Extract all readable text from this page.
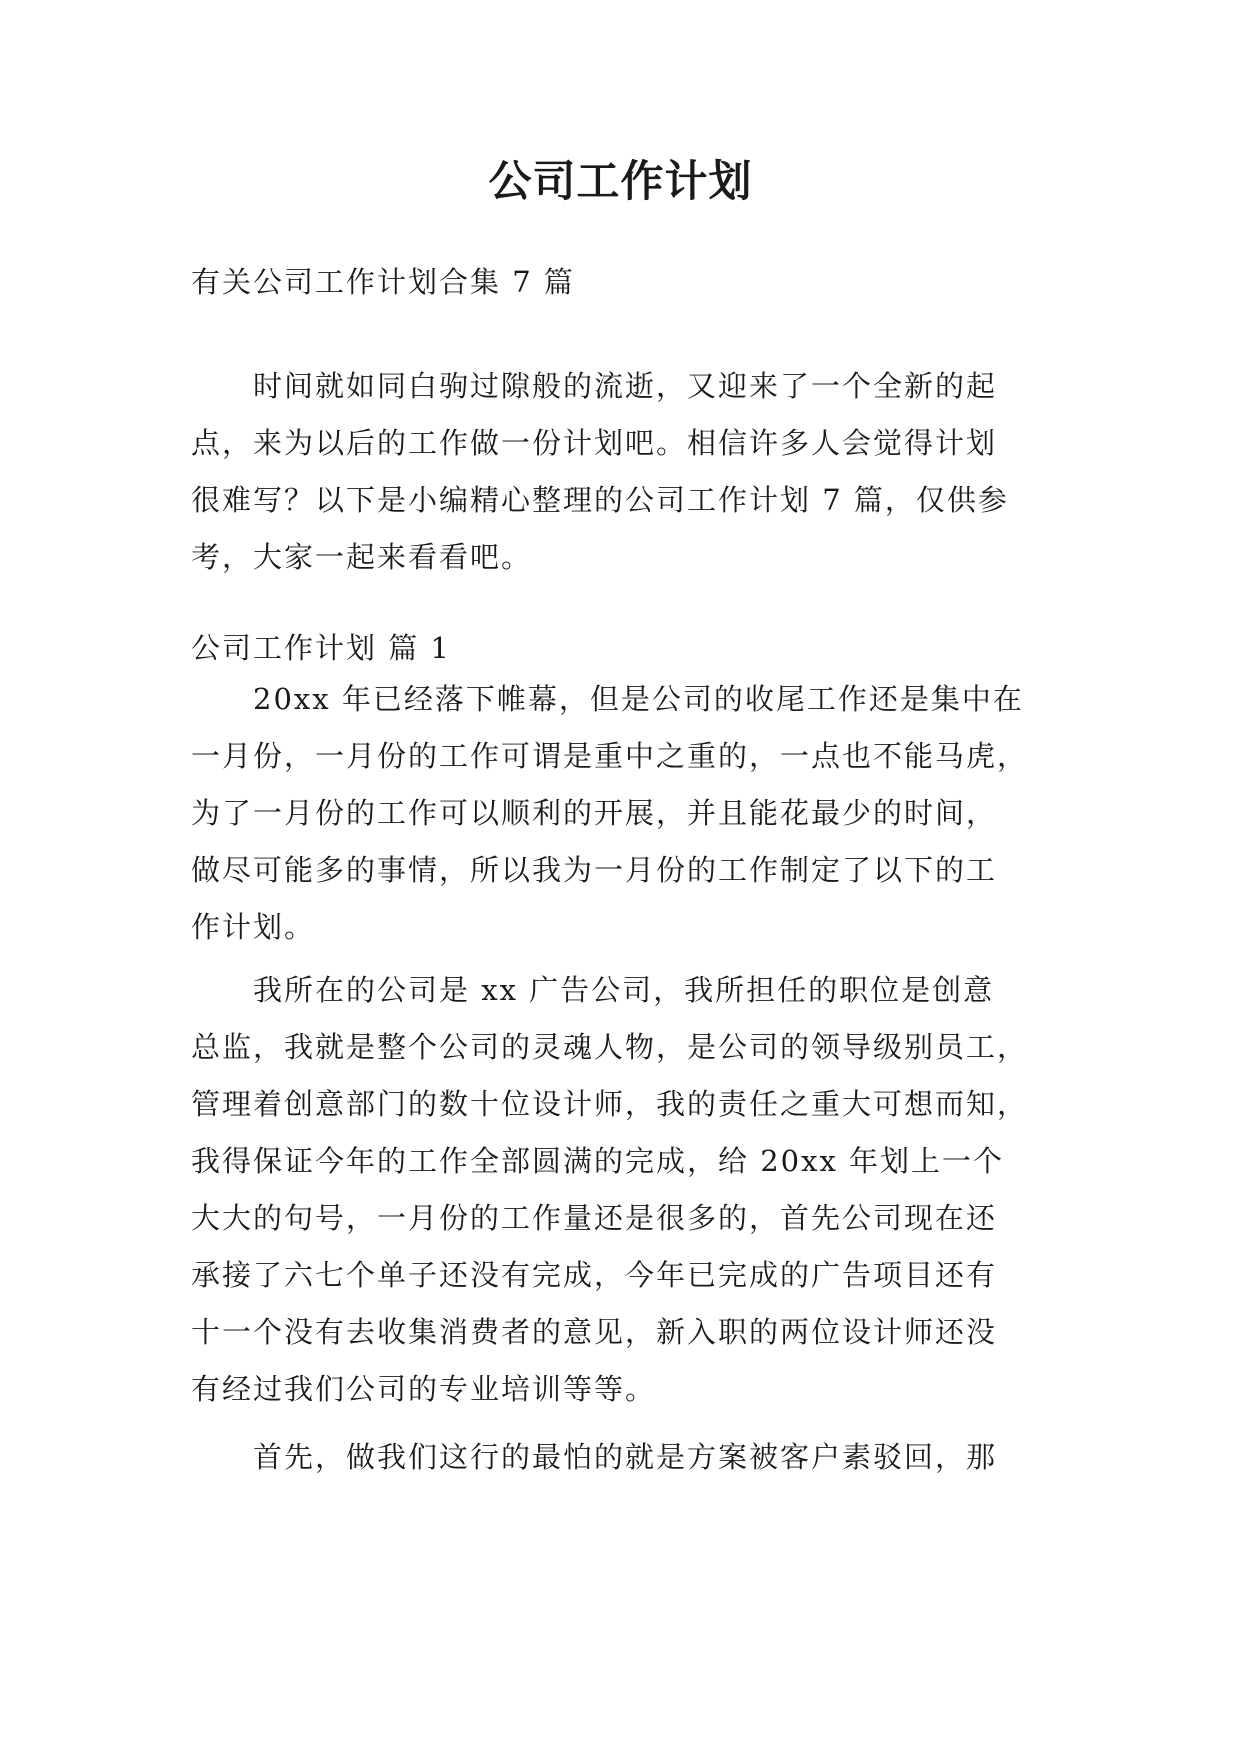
公司工作计划

有关公司工作计划合集 7 篇

时间就如同白驹过隙般的流逝，又迎来了一个全新的起
点，来为以后的工作做一份计划吧。相信许多人会觉得计划
很难写？以下是小编精心整理的公司工作计划 7 篇，仅供参
考，大家一起来看看吧。

公司工作计划 篇 1

20xx 年已经落下帷幕，但是公司的收尾工作还是集中在
一月份，一月份的工作可谓是重中之重的，一点也不能马虎，
为了一月份的工作可以顺利的开展，并且能花最少的时间，
做尽可能多的事情，所以我为一月份的工作制定了以下的工
作计划。

我所在的公司是 xx 广告公司，我所担任的职位是创意
总监，我就是整个公司的灵魂人物，是公司的领导级别员工，
管理着创意部门的数十位设计师，我的责任之重大可想而知，
我得保证今年的工作全部圆满的完成，给 20xx 年划上一个
大大的句号，一月份的工作量还是很多的，首先公司现在还
承接了六七个单子还没有完成，今年已完成的广告项目还有
十一个没有去收集消费者的意见，新入职的两位设计师还没
有经过我们公司的专业培训等等。

首先，做我们这行的最怕的就是方案被客户素驳回，那
